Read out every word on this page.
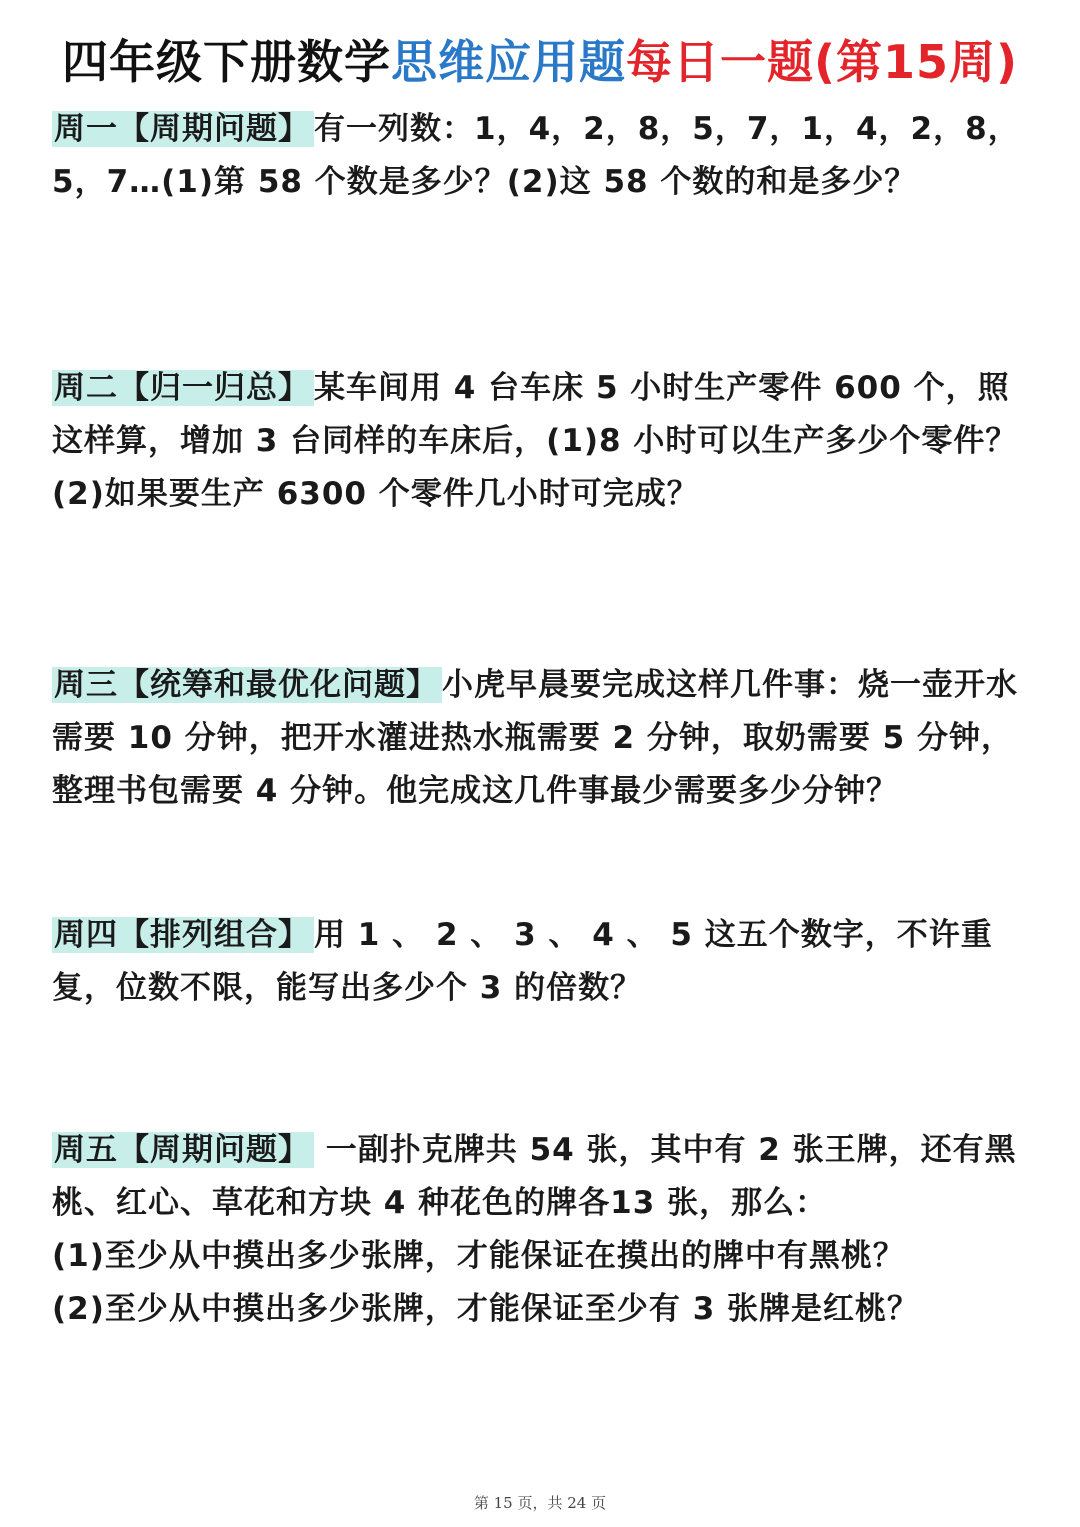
四年级下册数学思维应用题每日一题(第15周)
周一【周期问题】 有一列数：1，4，2，8，5，7，1，4，2，8，5，7…(1)第 58 个数是多少？(2)这 58 个数的和是多少？
周二【归一归总】 某车间用 4 台车床 5 小时生产零件 600 个，照这样算，增加 3 台同样的车床后，(1)8 小时可以生产多少个零件？(2)如果要生产 6300 个零件几小时可完成？
周三【统筹和最优化问题】 小虎早晨要完成这样几件事：烧一壶开水需要 10 分钟，把开水灌进热水瓶需要 2 分钟，取奶需要 5 分钟，整理书包需要 4 分钟。他完成这几件事最少需要多少分钟？
周四【排列组合】 用 1 、 2 、 3 、 4 、 5 这五个数字，不许重复，位数不限，能写出多少个 3 的倍数？
周五【周期问题】 一副扑克牌共 54 张，其中有 2 张王牌，还有黑桃、红心、草花和方块 4 种花色的牌各13 张，那么：
(1)至少从中摸出多少张牌，才能保证在摸出的牌中有黑桃？
(2)至少从中摸出多少张牌，才能保证至少有 3 张牌是红桃？
第 15 页，共 24 页
